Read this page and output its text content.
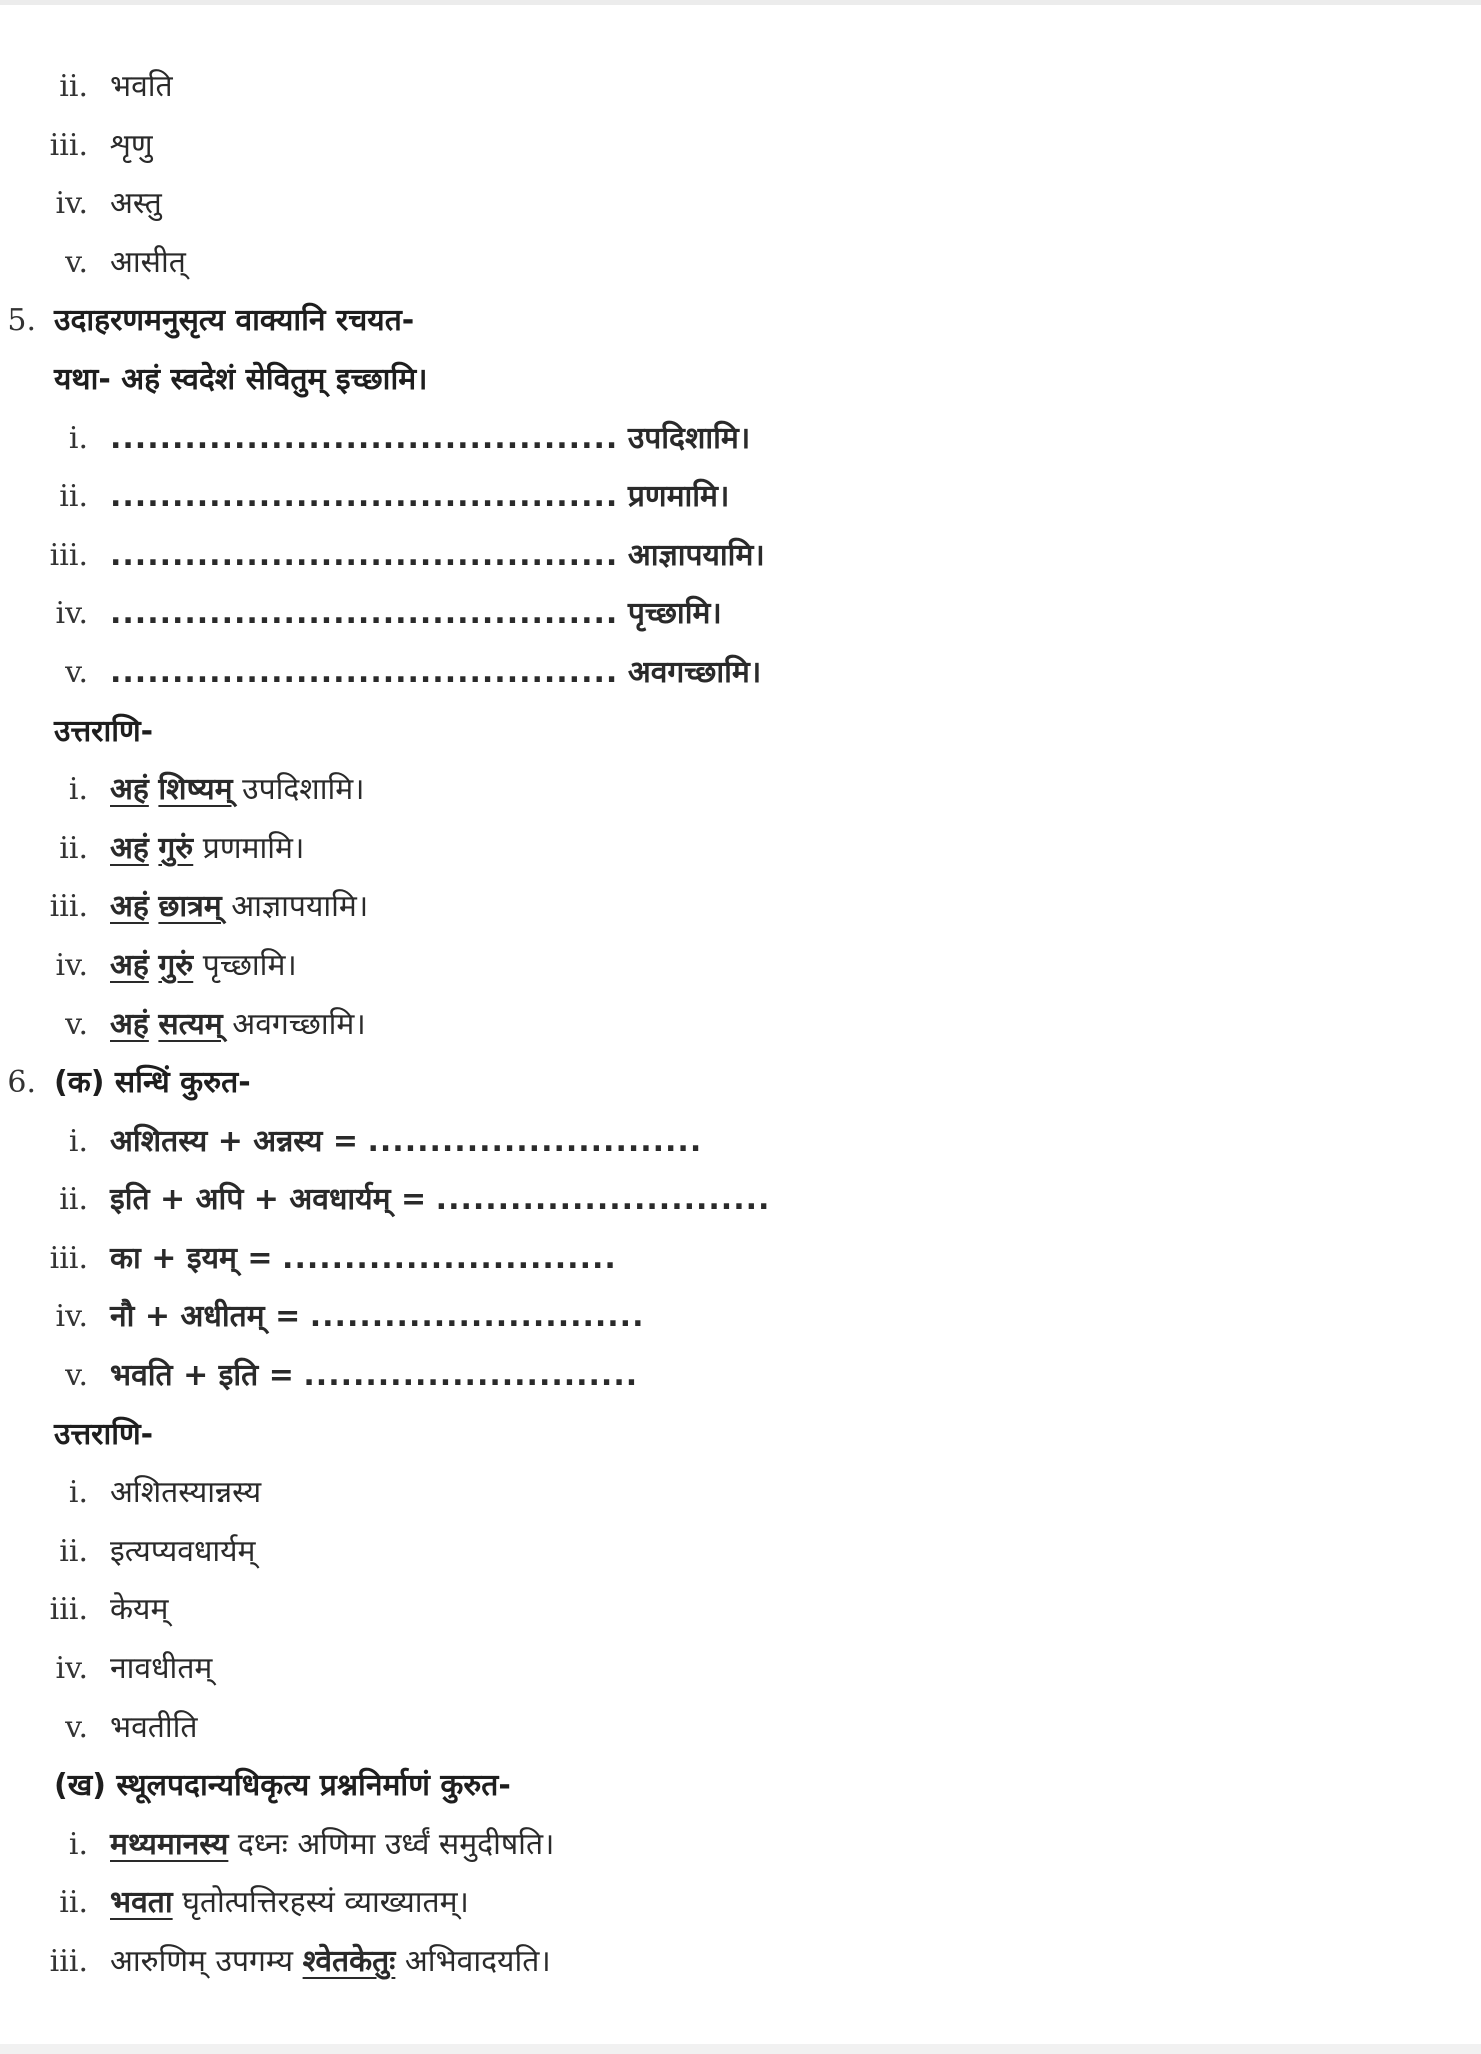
ii. भवति
iii. शृणु
iv. अस्तु
v. आसीत्
5. उदाहरणमनुसृत्य वाक्यानि रचयत-
यथा- अहं स्वदेशं सेवितुम् इच्छामि।
i. ......................................... उपदिशामि।
ii. ......................................... प्रणमामि।
iii. ......................................... आज्ञापयामि।
iv. ......................................... पृच्छामि।
v. ......................................... अवगच्छामि।
उत्तराणि-
i. अहं शिष्यम् उपदिशामि।
ii. अहं गुरुं प्रणमामि।
iii. अहं छात्रम् आज्ञापयामि।
iv. अहं गुरुं पृच्छामि।
v. अहं सत्यम् अवगच्छामि।
6. (क) सन्धिं कुरुत-
i. अशितस्य + अन्नस्य = ...........................
ii. इति + अपि + अवधार्यम् = ...........................
iii. का + इयम् = ...........................
iv. नौ + अधीतम् = ...........................
v. भवति + इति = ...........................
उत्तराणि-
i. अशितस्यान्नस्य
ii. इत्यप्यवधार्यम्
iii. केयम्
iv. नावधीतम्
v. भवतीति
(ख) स्थूलपदान्यधिकृत्य प्रश्ननिर्माणं कुरुत-
i. मथ्यमानस्य दध्नः अणिमा उर्ध्वं समुदीषति।
ii. भवता घृतोत्पत्तिरहस्यं व्याख्यातम्।
iii. आरुणिम् उपगम्य श्वेतकेतुः अभिवादयति।
